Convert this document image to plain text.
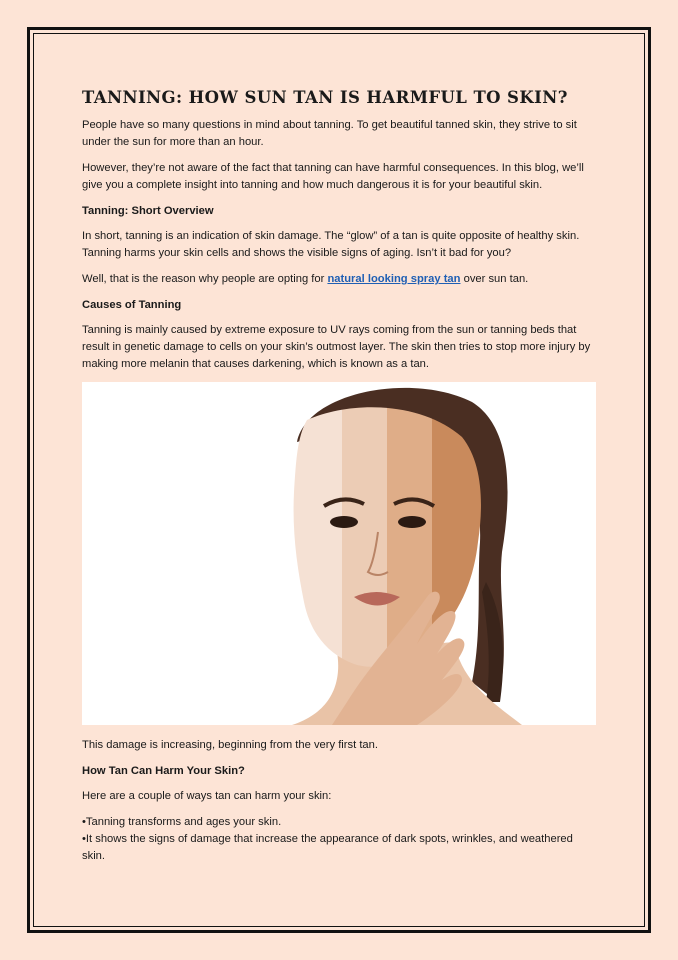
TANNING: HOW SUN TAN IS HARMFUL TO SKIN?

People have so many questions in mind about tanning. To get beautiful tanned skin, they strive to sit under the sun for more than an hour.

However, they’re not aware of the fact that tanning can have harmful consequences. In this blog, we’ll give you a complete insight into tanning and how much dangerous it is for your beautiful skin.

Tanning: Short Overview

In short, tanning is an indication of skin damage. The “glow” of a tan is quite opposite of healthy skin. Tanning harms your skin cells and shows the visible signs of aging. Isn’t it bad for you?

Well, that is the reason why people are opting for natural looking spray tan over sun tan.

Causes of Tanning

Tanning is mainly caused by extreme exposure to UV rays coming from the sun or tanning beds that result in genetic damage to cells on your skin’s outmost layer. The skin then tries to stop more injury by making more melanin that causes darkening, which is known as a tan.

This damage is increasing, beginning from the very first tan.

How Tan Can Harm Your Skin?

Here are a couple of ways tan can harm your skin:

•Tanning transforms and ages your skin.

•It shows the signs of damage that increase the appearance of dark spots, wrinkles, and weathered skin.
